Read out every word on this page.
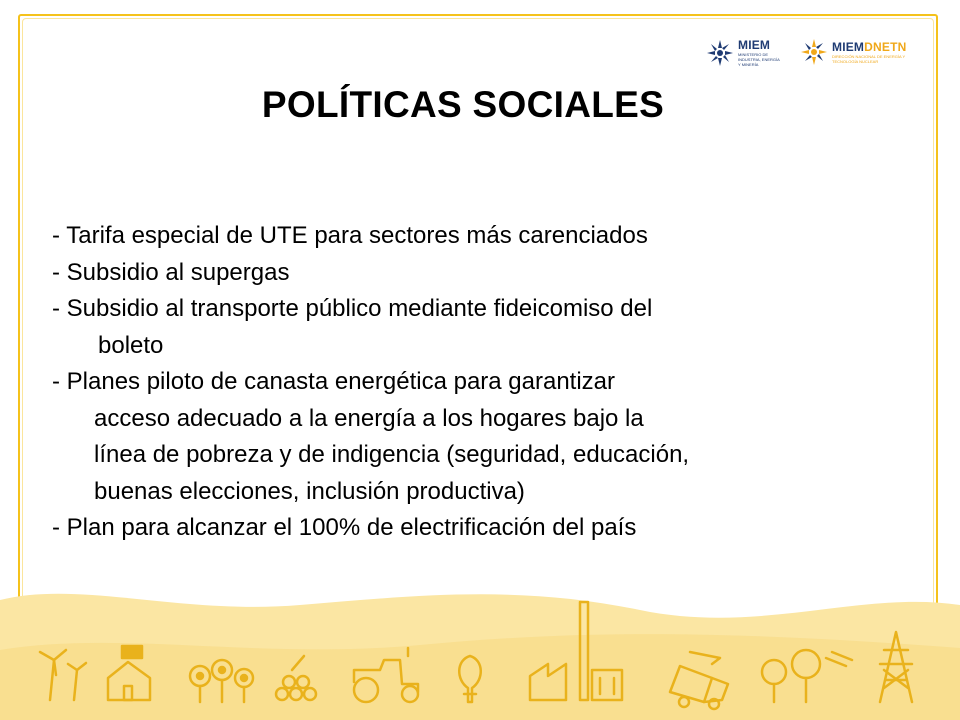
MIEM
MINISTERIO DE INDUSTRIA, ENERGÍA Y MINERÍA
MIEMDNETN
DIRECCIÓN NACIONAL DE ENERGÍA Y TECNOLOGÍA NUCLEAR
POLÍTICAS SOCIALES
- Tarifa especial de UTE para sectores más carenciados
- Subsidio al supergas
- Subsidio al transporte público mediante fideicomiso del
boleto
- Planes piloto de canasta energética para garantizar
acceso adecuado a la energía a los hogares bajo la
línea de pobreza y de indigencia (seguridad, educación,
buenas elecciones, inclusión productiva)
- Plan para alcanzar el 100% de electrificación del país
